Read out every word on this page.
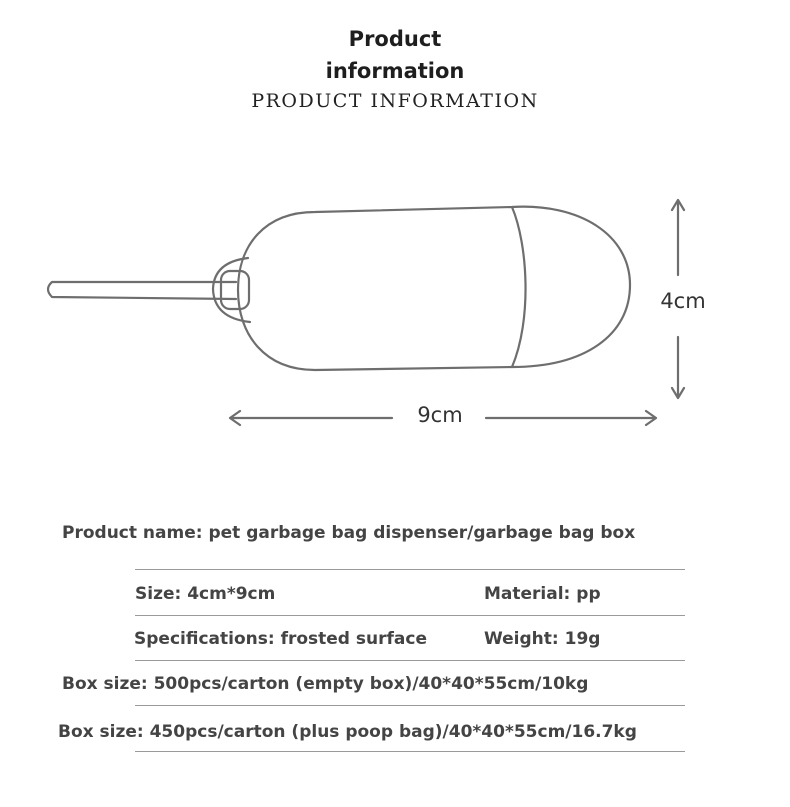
Product
information
PRODUCT INFORMATION
9cm
4cm
Product name: pet garbage bag dispenser/garbage bag box
Size: 4cm*9cm	Material: pp
Specifications: frosted surface	Weight: 19g
Box size: 500pcs/carton (empty box)/40*40*55cm/10kg
Box size: 450pcs/carton (plus poop bag)/40*40*55cm/16.7kg
